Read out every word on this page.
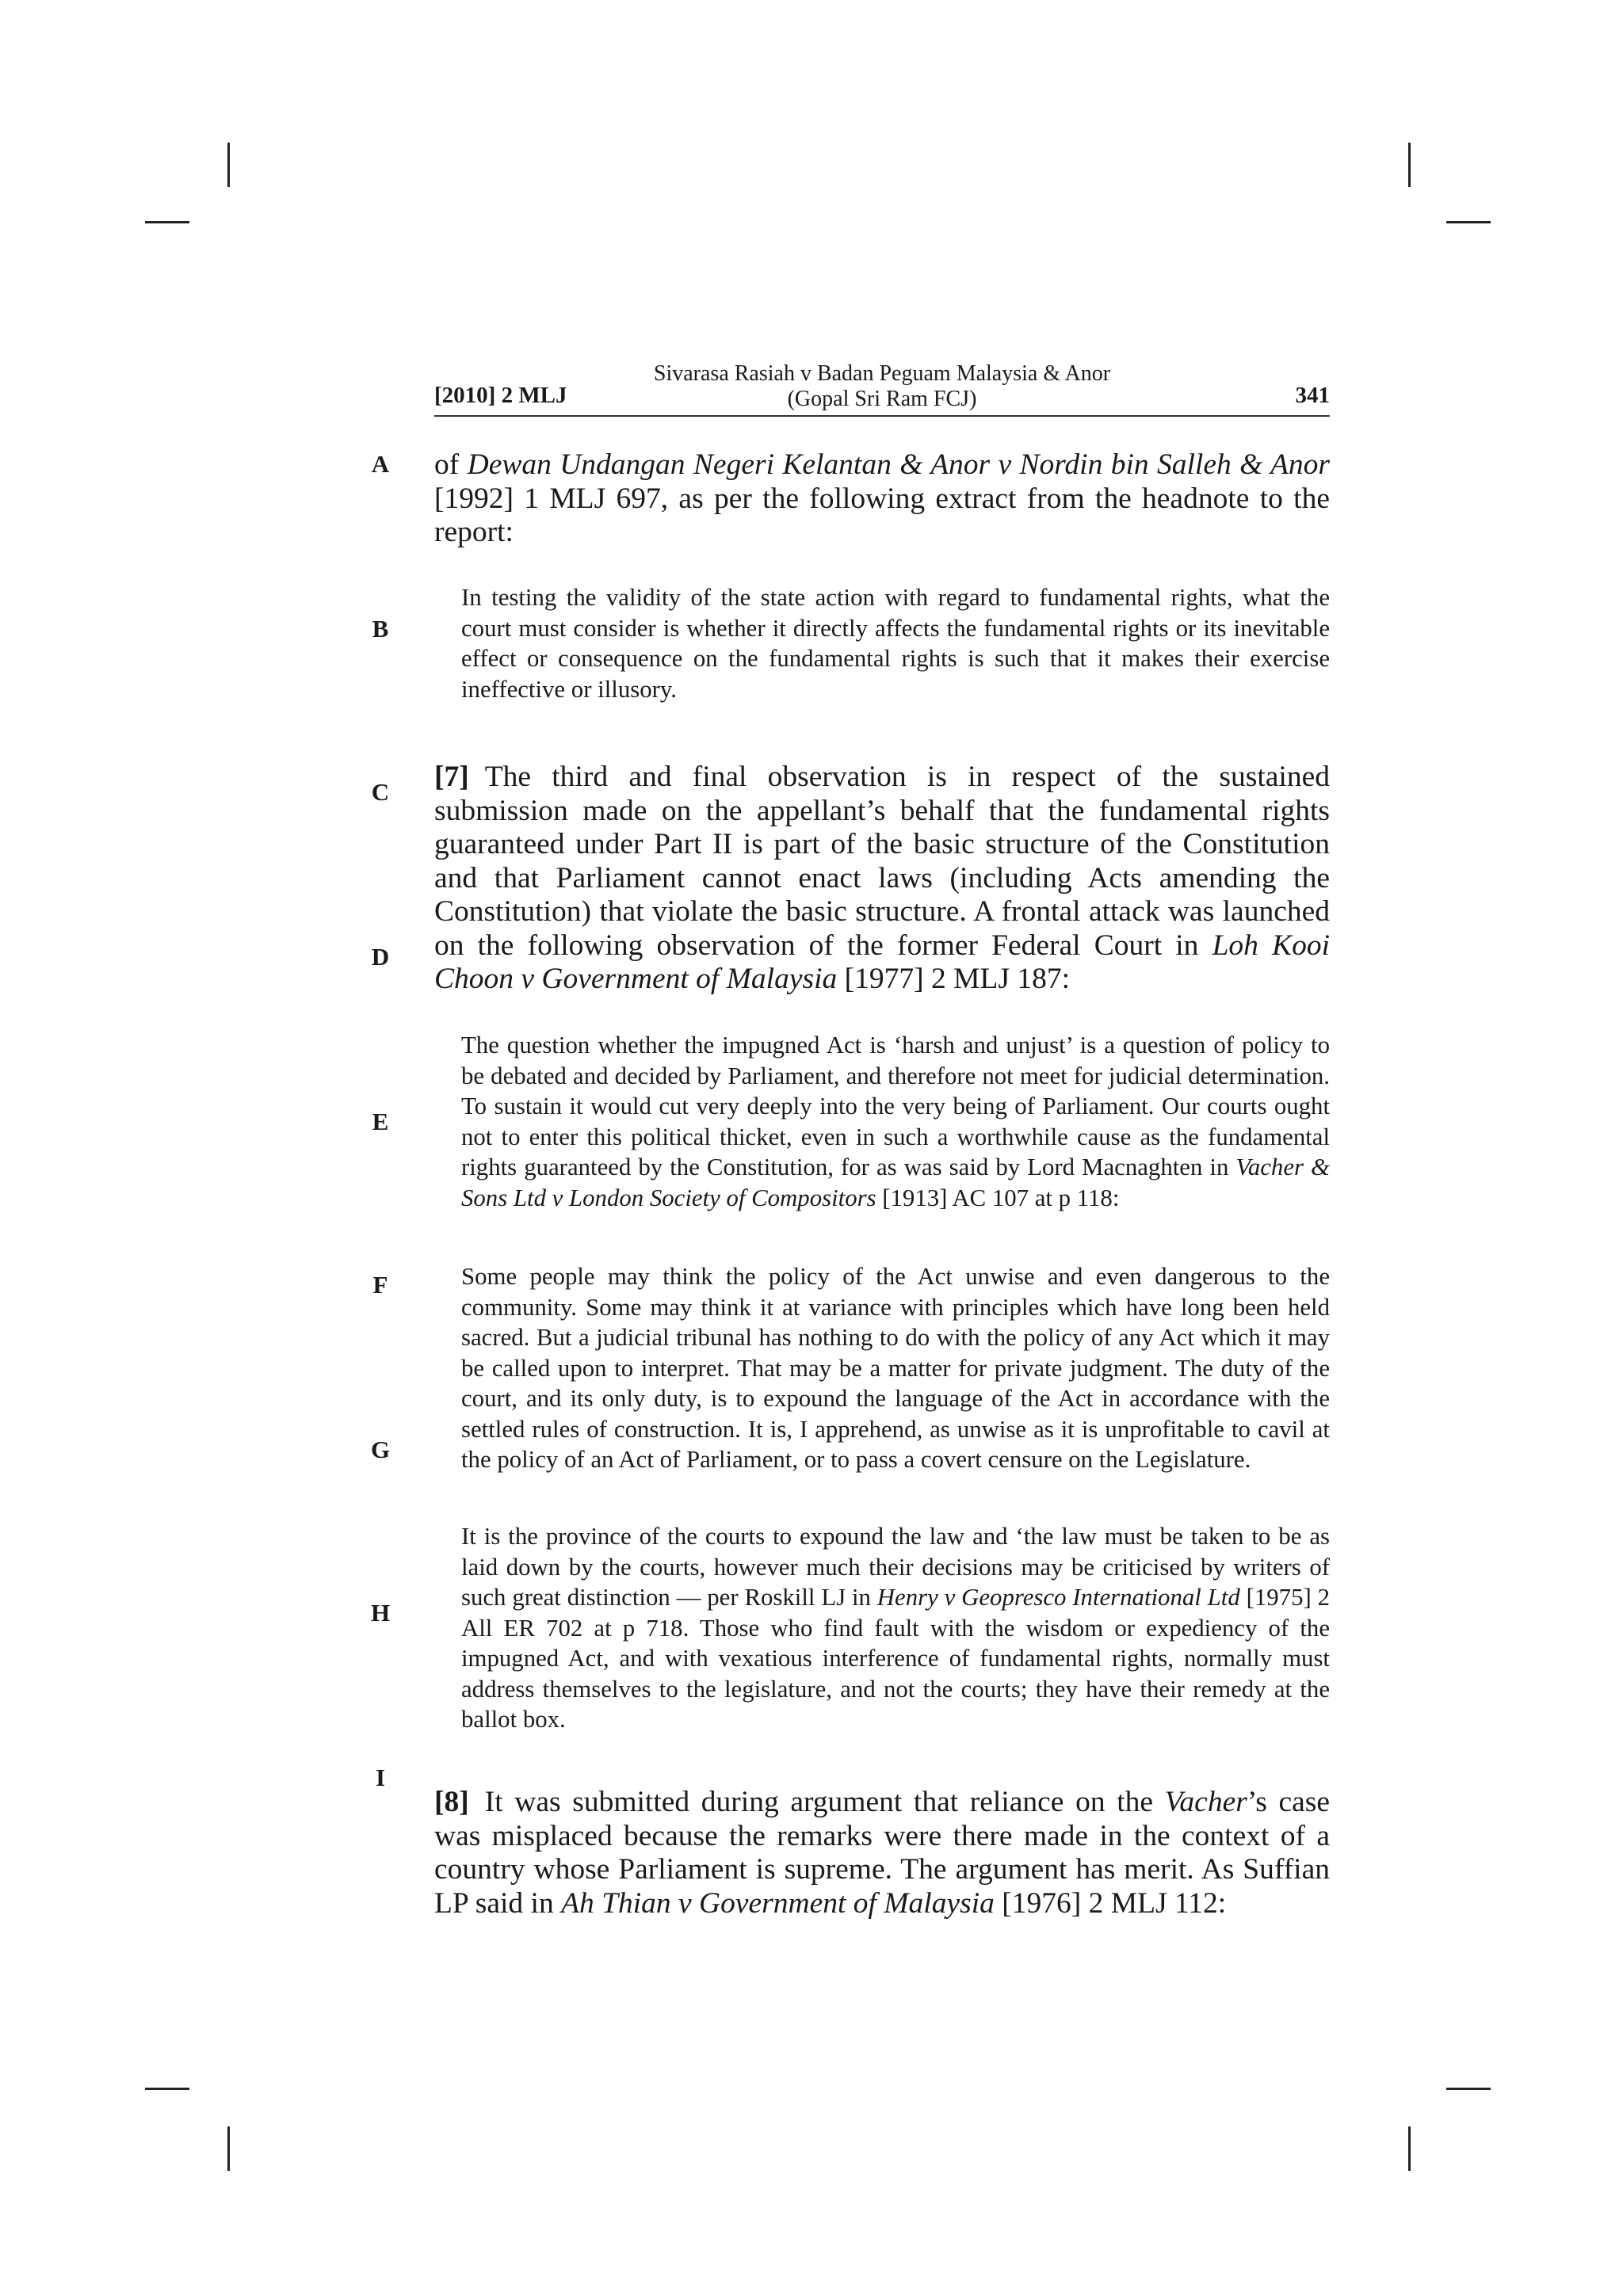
[2010] 2 MLJ
Sivarasa Rasiah v Badan Peguam Malaysia & Anor
(Gopal Sri Ram FCJ)	341
A
B
C
D
E
F
G
H
I

of Dewan Undangan Negeri Kelantan & Anor v Nordin bin Salleh & Anor [1992] 1 MLJ 697, as per the following extract from the headnote to the report:

In testing the validity of the state action with regard to fundamental rights, what the court must consider is whether it directly affects the fundamental rights or its inevitable effect or consequence on the fundamental rights is such that it makes their exercise ineffective or illusory.

[7] The third and final observation is in respect of the sustained submission made on the appellant’s behalf that the fundamental rights guaranteed under Part II is part of the basic structure of the Constitution and that Parliament cannot enact laws (including Acts amending the Constitution) that violate the basic structure. A frontal attack was launched on the following observation of the former Federal Court in Loh Kooi Choon v Government of Malaysia [1977] 2 MLJ 187:

The question whether the impugned Act is ‘harsh and unjust’ is a question of policy to be debated and decided by Parliament, and therefore not meet for judicial determination. To sustain it would cut very deeply into the very being of Parliament. Our courts ought not to enter this political thicket, even in such a worthwhile cause as the fundamental rights guaranteed by the Constitution, for as was said by Lord Macnaghten in Vacher & Sons Ltd v London Society of Compositors [1913] AC 107 at p 118:

Some people may think the policy of the Act unwise and even dangerous to the community. Some may think it at variance with principles which have long been held sacred. But a judicial tribunal has nothing to do with the policy of any Act which it may be called upon to interpret. That may be a matter for private judgment. The duty of the court, and its only duty, is to expound the language of the Act in accordance with the settled rules of construction. It is, I apprehend, as unwise as it is unprofitable to cavil at the policy of an Act of Parliament, or to pass a covert censure on the Legislature.

It is the province of the courts to expound the law and ‘the law must be taken to be as laid down by the courts, however much their decisions may be criticised by writers of such great distinction — per Roskill LJ in Henry v Geopresco International Ltd [1975] 2 All ER 702 at p 718. Those who find fault with the wisdom or expediency of the impugned Act, and with vexatious interference of fundamental rights, normally must address themselves to the legislature, and not the courts; they have their remedy at the ballot box.

[8] It was submitted during argument that reliance on the Vacher’s case was misplaced because the remarks were there made in the context of a country whose Parliament is supreme. The argument has merit. As Suffian LP said in Ah Thian v Government of Malaysia [1976] 2 MLJ 112:
